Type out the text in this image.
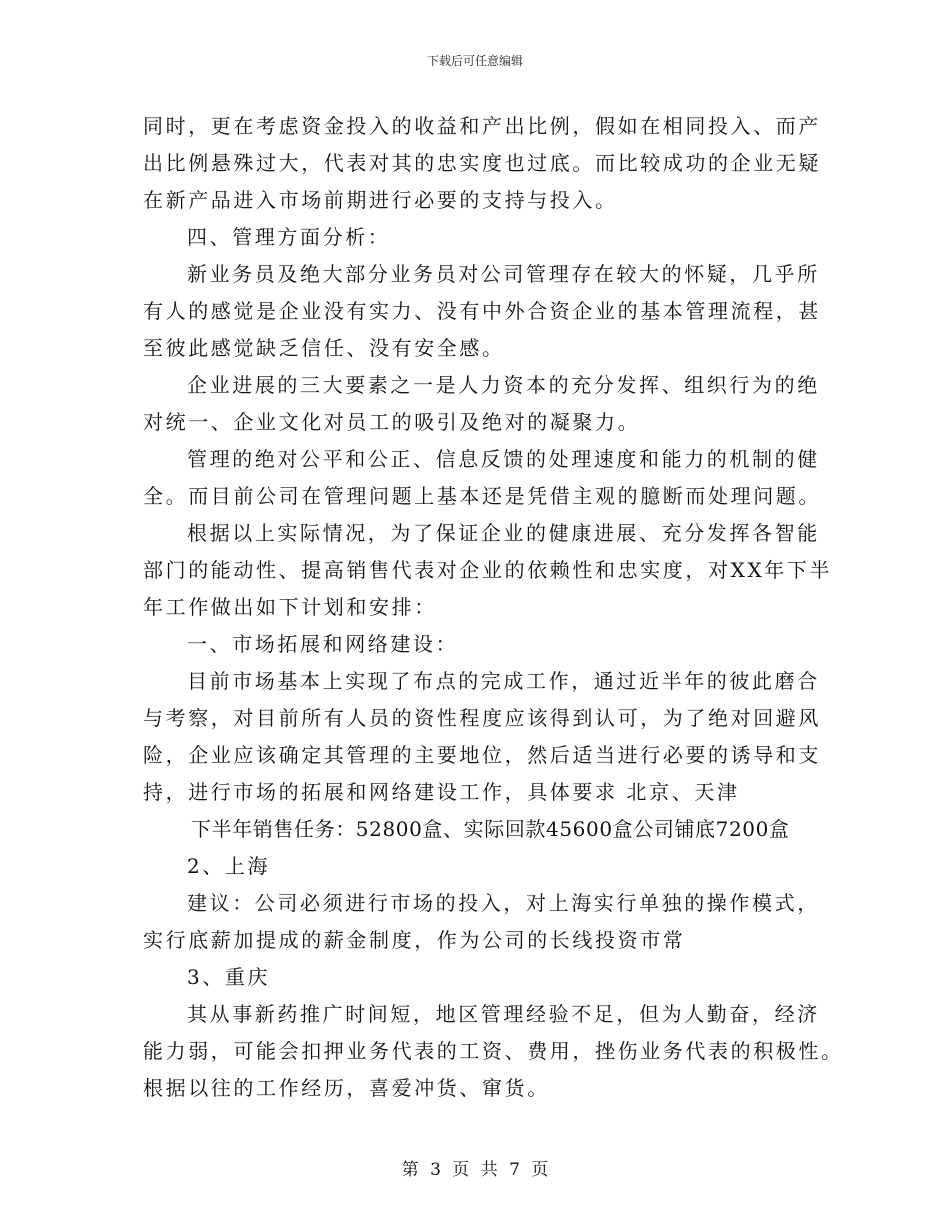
下载后可任意编辑
同时，更在考虑资金投入的收益和产出比例，假如在相同投入、而产
出比例悬殊过大，代表对其的忠实度也过底。而比较成功的企业无疑
在新产品进入市场前期进行必要的支持与投入。
四、管理方面分析：
新业务员及绝大部分业务员对公司管理存在较大的怀疑，几乎所
有人的感觉是企业没有实力、没有中外合资企业的基本管理流程，甚
至彼此感觉缺乏信任、没有安全感。
企业进展的三大要素之一是人力资本的充分发挥、组织行为的绝
对统一、企业文化对员工的吸引及绝对的凝聚力。
管理的绝对公平和公正、信息反馈的处理速度和能力的机制的健
全。而目前公司在管理问题上基本还是凭借主观的臆断而处理问题。
根据以上实际情况，为了保证企业的健康进展、充分发挥各智能
部门的能动性、提高销售代表对企业的依赖性和忠实度，对XX年下半
年工作做出如下计划和安排：
一、市场拓展和网络建设：
目前市场基本上实现了布点的完成工作，通过近半年的彼此磨合
与考察，对目前所有人员的资性程度应该得到认可，为了绝对回避风
险，企业应该确定其管理的主要地位，然后适当进行必要的诱导和支
持，进行市场的拓展和网络建设工作，具体要求 北京、天津
下半年销售任务：52800盒、实际回款45600盒公司铺底7200盒
2、上海
建议：公司必须进行市场的投入，对上海实行单独的操作模式，
实行底薪加提成的薪金制度，作为公司的长线投资市常
3、重庆
其从事新药推广时间短，地区管理经验不足，但为人勤奋，经济
能力弱，可能会扣押业务代表的工资、费用，挫伤业务代表的积极性。
根据以往的工作经历，喜爱冲货、窜货。
第 3 页 共 7 页
